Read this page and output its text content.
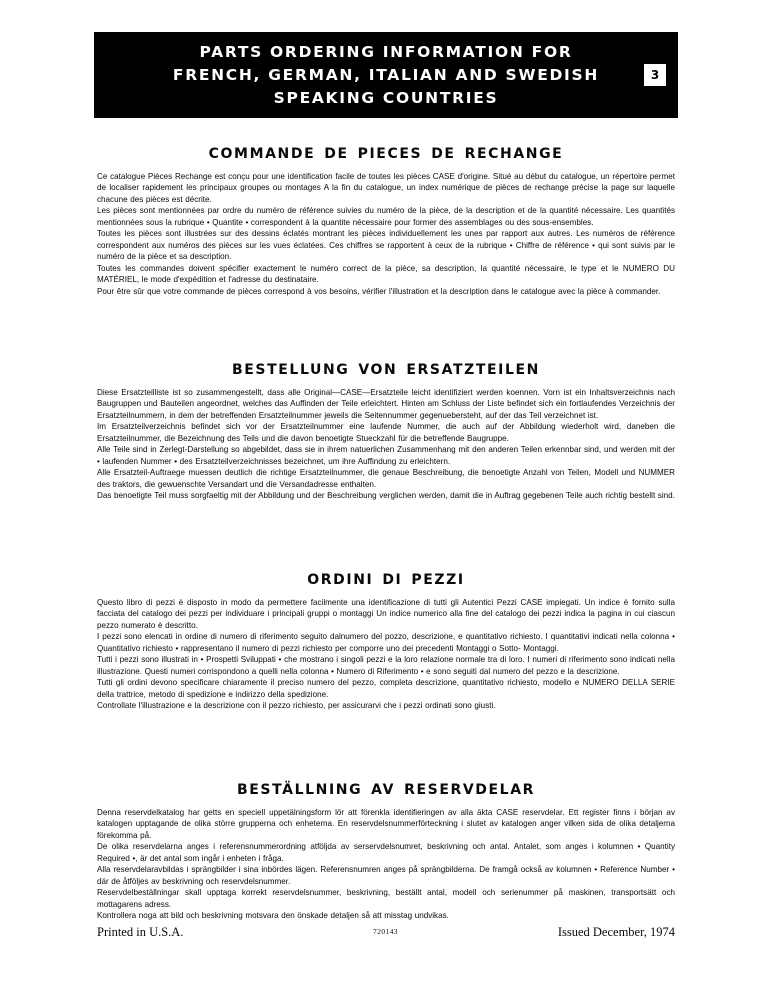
PARTS ORDERING INFORMATION FOR
FRENCH, GERMAN, ITALIAN AND SWEDISH
SPEAKING COUNTRIES
3
COMMANDE DE PIECES DE RECHANGE

Ce catalogue Pièces Rechange est conçu pour une identification facile de toutes les pièces CASE d'origine. Situé au début du catalogue, un répertoire permet de localiser rapidement les principaux groupes ou montages A la fin du catalogue, un index numérique de pièces de rechange précise la page sur laquelle chacune des pièces est décrite.

Les pièces sont mentionnées par ordre du numéro de référence suivies du numéro de la pièce, de la description et de la quantité nécessaire. Les quantités mentionnées sous la rubrique • Quantite • correspondent à la quantite nécessaire pour former des assemblages ou des sous-ensembles.

Toutes les pièces sont illustrées sur des dessins éclatés montrant les pièces individuellement les unes par rapport aux autres. Les numéros de référence correspondent aux numéros des pièces sur les vues éclatées. Ces chiffres se rapportent à ceux de la rubrique • Chiffre de référence • qui sont suivis par le numéro de la pièce et sa description.

Toutes les commandes doivent spécifier exactement le numéro correct de la pièce, sa description, la quantité nécessaire, le type et le NUMERO DU MATÉRIEL, le mode d'expédition et l'adresse du destinataire.

Pour être sûr que votre commande de pièces correspond à vos besoins, vérifier l'illustration et la description dans le catalogue avec la pièce à commander.

BESTELLUNG VON ERSATZTEILEN

Diese Ersatzteilliste ist so zusammengestellt, dass alle Original—CASE—Ersatzteile leicht identifiziert werden koennen. Vorn ist ein Inhaltsverzeichnis nach Baugruppen und Bauteilen angeordnet, welches das Auffinden der Teile erleichtert. Hinten am Schluss der Liste befindet sich ein fortlaufendes Verzeichnis der Ersatzteilnummern, in dem der betreffenden Ersatzteilnummer jeweils die Seitennummer gegenuebersteht, auf der das Teil verzeichnet ist.

Im Ersatzteilverzeichnis befindet sich vor der Ersatzteilnummer eine laufende Nummer, die auch auf der Abbildung wiederholt wird, daneben die Ersatzteilnummer, die Bezeichnung des Teils und die davon benoetigte Stueckzahl für die betreffende Baugruppe.

Alle Teile sind in Zerlegt-Darstellung so abgebildet, dass sie in ihrem natuerlichen Zusammenhang mit den anderen Teilen erkennbar sind, und werden mit der • laufenden Nummer • des Ersatzteilverzeichnisses bezeichnet, um ihre Auffindung zu erleichtern.

Alle Ersatzteil-Auftraege muessen deutlich die richtige Ersatzteilnummer, die genaue Beschreibung, die benoetigte Anzahl von Teilen, Modell und NUMMER des traktors, die gewuenschte Versandart und die Versandadresse enthalten.

Das benoetigte Teil muss sorgfaeltig mit der Abbildung und der Beschreibung verglichen werden, damit die in Auftrag gegebenen Teile auch richtig bestellt sind.

ORDINI DI PEZZI

Questo libro di pezzi è disposto in modo da permettere facilmente una identificazione di tutti gli Autentici Pezzi CASE impiegati. Un indice è fornito sulla facciata del catalogo dei pezzi per individuare i principali gruppi o montaggi Un indice numerico alla fine del catalogo dei pezzi indica la pagina in cui ciascun pezzo numerato è descritto.

I pezzi sono elencati in ordine di numero di riferimento seguito dalnumero del pozzo, descrizione, e quantitativo richiesto. I quantitativi indicati nella colonna • Quantitativo richiesto • rappresentano il numero di pezzi richiesto per comporre uno dei precedenti Montaggi o Sotto- Montaggi.

Tutti i pezzi sono illustrati in • Prospetti Sviluppati • che mostrano i singoli pezzi e la loro relazione normale tra di loro. I numeri di riferimento sono indicati nella illustrazione. Questi numeri corrispondono a quelli nella colonna • Numero di Riferimento • e sono seguiti dal numero del pezzo e la descrizione.

Tutti gli ordini devono specificare chiaramente il preciso numero del pezzo, completa descrizione, quantitativo richiesto, modello e NUMERO DELLA SERIE della trattrice, metodo di spedizione e indirizzo della spedizione.

Controllate l'illustrazione e la descrizione con il pezzo richiesto, per assicurarvi che i pezzi ordinati sono giusti.

BESTÄLLNING AV RESERVDELAR

Denna reservdelkatalog har getts en speciell uppetälningsform lör att förenkla identifieringen av alla äkta CASE reservdelar. Ett register finns i början av katalogen upptagande de olika större grupperna och enheterna. En reservdelsnummerförteckning i slutet av katalogen anger vilken sida de olika detaljerna förekomma på.

De olika reservdelarna anges i referensnummerordning atföljda av serservdelsnumret, beskrivning och antal. Antalet, som anges i kolumnen • Quantity Required •, är det antal som ingår i enheten i fråga.

Alla reservdelaravbildas i sprängbilder i sina inbördes lägen. Referensnumren anges på sprängbilderna. De framgå också av kolumnen • Reference Number • där de åtföljes av beskrivning och reservdelsnummer.

Reservdelbeställningar skall upptaga korrekt reservdelsnummer, beskrivning, beställt antal, modell och serienummer på maskinen, transportsätt och mottagarens adress.

Kontrollera noga att bild och beskrivning motsvara den önskade detaljen så att misstag undvikas.

Printed in U.S.A.	720143	Issued December, 1974
